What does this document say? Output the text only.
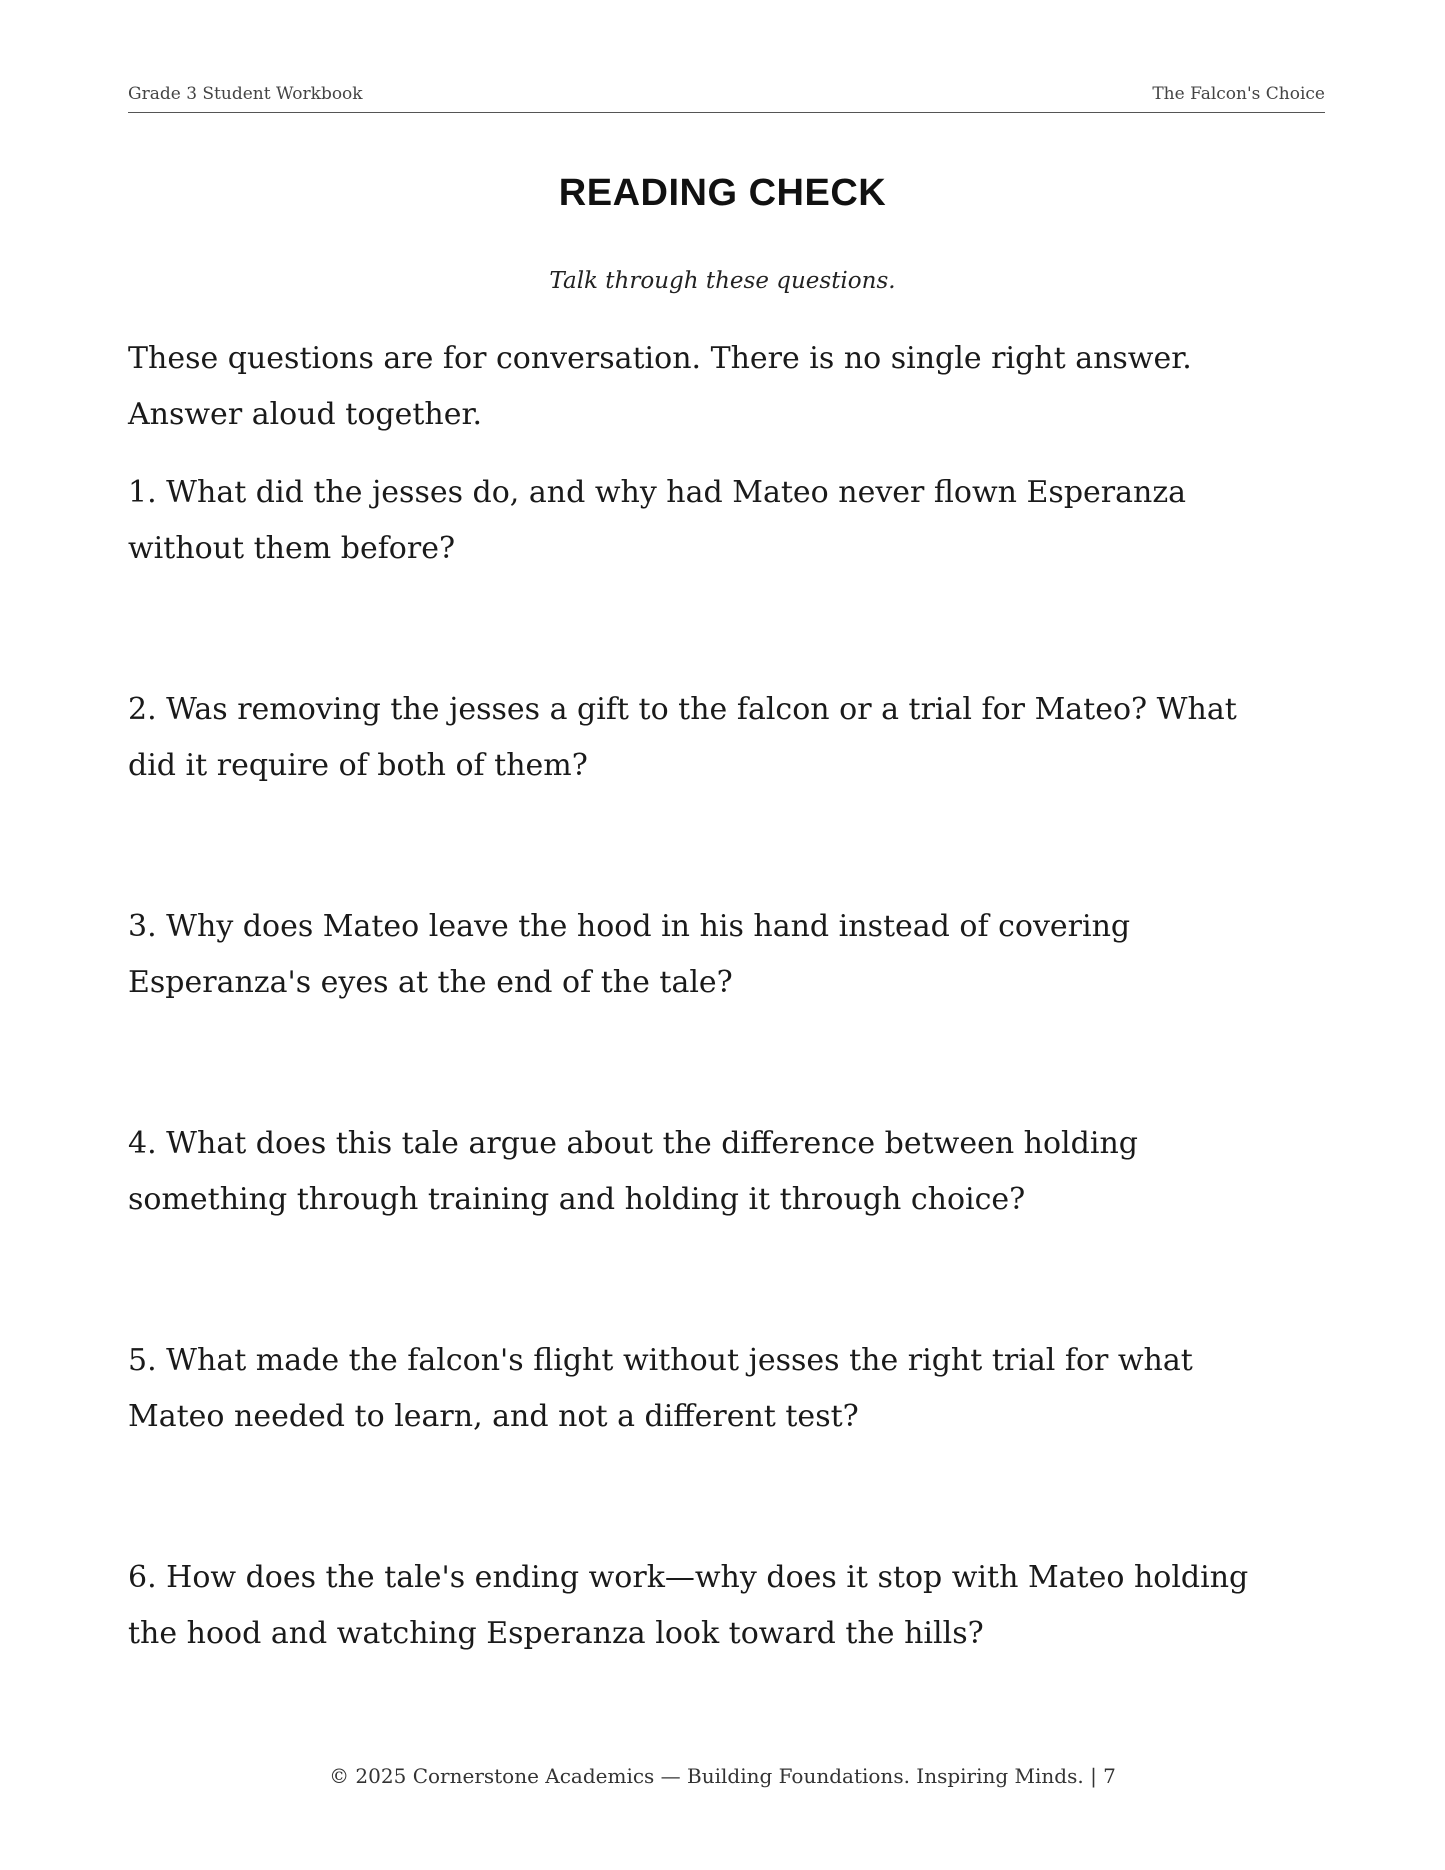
Grade 3 Student Workbook	The Falcon's Choice
READING CHECK
Talk through these questions.

These questions are for conversation. There is no single right answer. Answer aloud together.

1. What did the jesses do, and why had Mateo never flown Esperanza without them before?

2. Was removing the jesses a gift to the falcon or a trial for Mateo? What did it require of both of them?

3. Why does Mateo leave the hood in his hand instead of covering Esperanza's eyes at the end of the tale?

4. What does this tale argue about the difference between holding something through training and holding it through choice?

5. What made the falcon's flight without jesses the right trial for what Mateo needed to learn, and not a different test?

6. How does the tale's ending work—why does it stop with Mateo holding the hood and watching Esperanza look toward the hills?

© 2025 Cornerstone Academics — Building Foundations. Inspiring Minds. | 7
